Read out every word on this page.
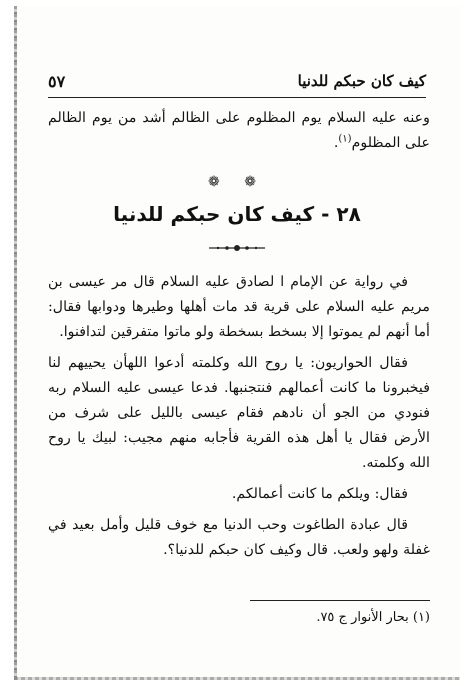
كيف كان حبكم للدنيا
٥٧

وعنه عليه السلام يوم المظلوم على الظالم أشد من يوم الظالم على المظلوم$^{(١)}$.

❁ ❁
٢٨ - كيف كان حبكم للدنيا

في رواية عن الإمام ا لصادق عليه السلام قال مر عيسى بن مريم عليه السلام على قرية قد مات أهلها وطيرها ودوابها فقال: أما أنهم لم يموتوا إلا بسخط بسخطة ولو ماتوا متفرقين لتدافنوا.

فقال الحواريون: يا روح الله وكلمته أدعوا اللهأن يحييهم لنا فيخبرونا ما كانت أعمالهم فنتجنبها. فدعا عيسى عليه السلام ربه فنودي من الجو أن نادهم فقام عيسى بالليل على شرف من الأرض فقال يا أهل هذه القرية فأجابه منهم مجيب: لبيك يا روح الله وكلمته.

فقال: ويلكم ما كانت أعمالكم.

قال عبادة الطاغوت وحب الدنيا مع خوف قليل وأمل بعيد في غفلة ولهو ولعب. قال وكيف كان حبكم للدنيا؟.

(١) بحار الأنوار ج ٧٥.
